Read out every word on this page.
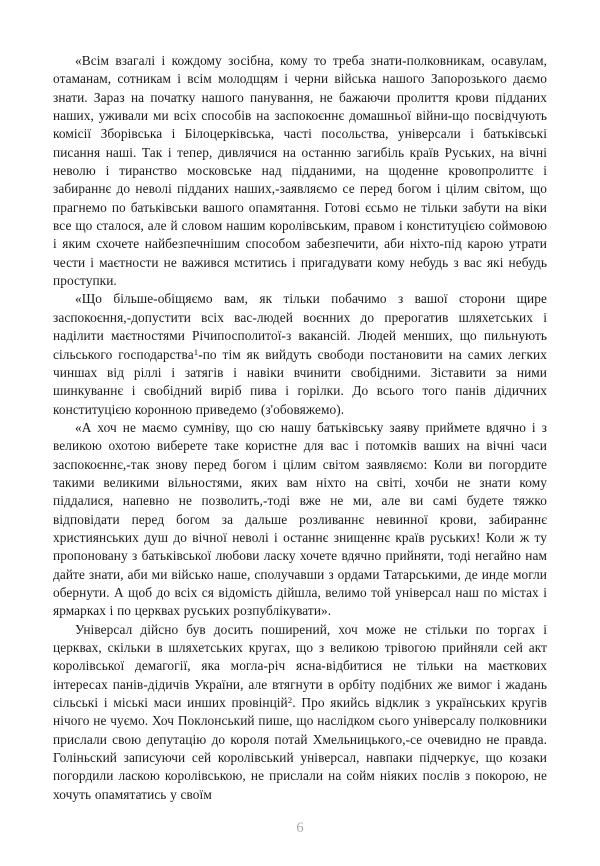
«Всім взагалі і кождому зосібна, кому то треба знати-полковникам, осавулам, отаманам, сотникам і всім молодщям і черни війська нашого Запорозького даємо знати. Зараз на початку нашого панування, не бажаючи пролиття крови підданих наших, уживали ми всіх способів на заспокоєннє домашньої війни-що посвідчують комісії Зборівська і Білоцерківська, часті посольства, універсали і батьківські писання наші. Так і тепер, дивлячися на останню загибіль країв Руських, на вічні неволю і тиранство московське над підданими, на щоденне кровопролиттє і забираннє до неволі підданих наших,-заявляємо се перед богом і цілим світом, що прагнемо по батьківськи вашого опамятання. Готові єсьмо не тільки забути на віки все що сталося, але й словом нашим королівським, правом і конституцією соймовою і яким схочете найбезпечнішим способом забезпечити, аби ніхто-під карою утрати чести і маєтности не важився мститись і пригадувати кому небудь з вас які небудь проступки.

«Що більше-обіщяємо вам, як тільки побачимо з вашої сторони щире заспокоєння,-допустити всіх вас-людей воєнних до прерогатив шляхетських і наділити маєтностями Річипосполитої-з вакансій. Людей менших, що пильнують сільського господарства$^1$-по тім як вийдуть свободи постановити на самих легких чиншах від ріллі і затягів і навіки вчинити свобідними. Зіставити за ними шинкуваннє і свобідний виріб пива і горілки. До всього того панів дідичних конституцією коронною приведемо (з'обовяжемо).

«А хоч не маємо сумніву, що сю нашу батьківську заяву приймете вдячно і з великою охотою виберете таке користне для вас і потомків ваших на вічні часи заспокоєннє,-так знову перед богом і цілим світом заявляємо: Коли ви погордите такими великими вільностями, яких вам ніхто на світі, хочби не знати кому піддалися, напевно не позволить,-тоді вже не ми, але ви самі будете тяжко відповідати перед богом за дальше розливаннє невинної крови, забираннє християнських душ до вічної неволі і останнє знищеннє країв руських! Коли ж ту пропоновану з батьківської любови ласку хочете вдячно прийняти, тоді негайно нам дайте знати, аби ми військо наше, сполучавши з ордами Татарськими, де инде могли обернути. А щоб до всіх ся відомість дійшла, велимо той універсал наш по містах і ярмарках і по церквах руських розпублікувати».

Універсал дійсно був досить поширений, хоч може не стільки по торгах і церквах, скільки в шляхетських кругах, що з великою трівогою прийняли сей акт королівської демагогії, яка могла-річ ясна-відбитися не тільки на маєткових інтересах панів-дідичів України, але втягнути в орбіту подібних же вимог і жадань сільські і міські маси инших провінцій$^2$. Про якийсь відклик з українських кругів нічого не чуємо. Хоч Поклонський пише, що наслідком сього універсалу полковники прислали свою депутацію до короля потай Хмельницького,-се очевидно не правда. Голіньский записуючи сей королівський універсал, навпаки підчеркує, що козаки погордили ласкою королівською, не прислали на сойм ніяких послів з покорою, не хочуть опамятатись у своїм

6
